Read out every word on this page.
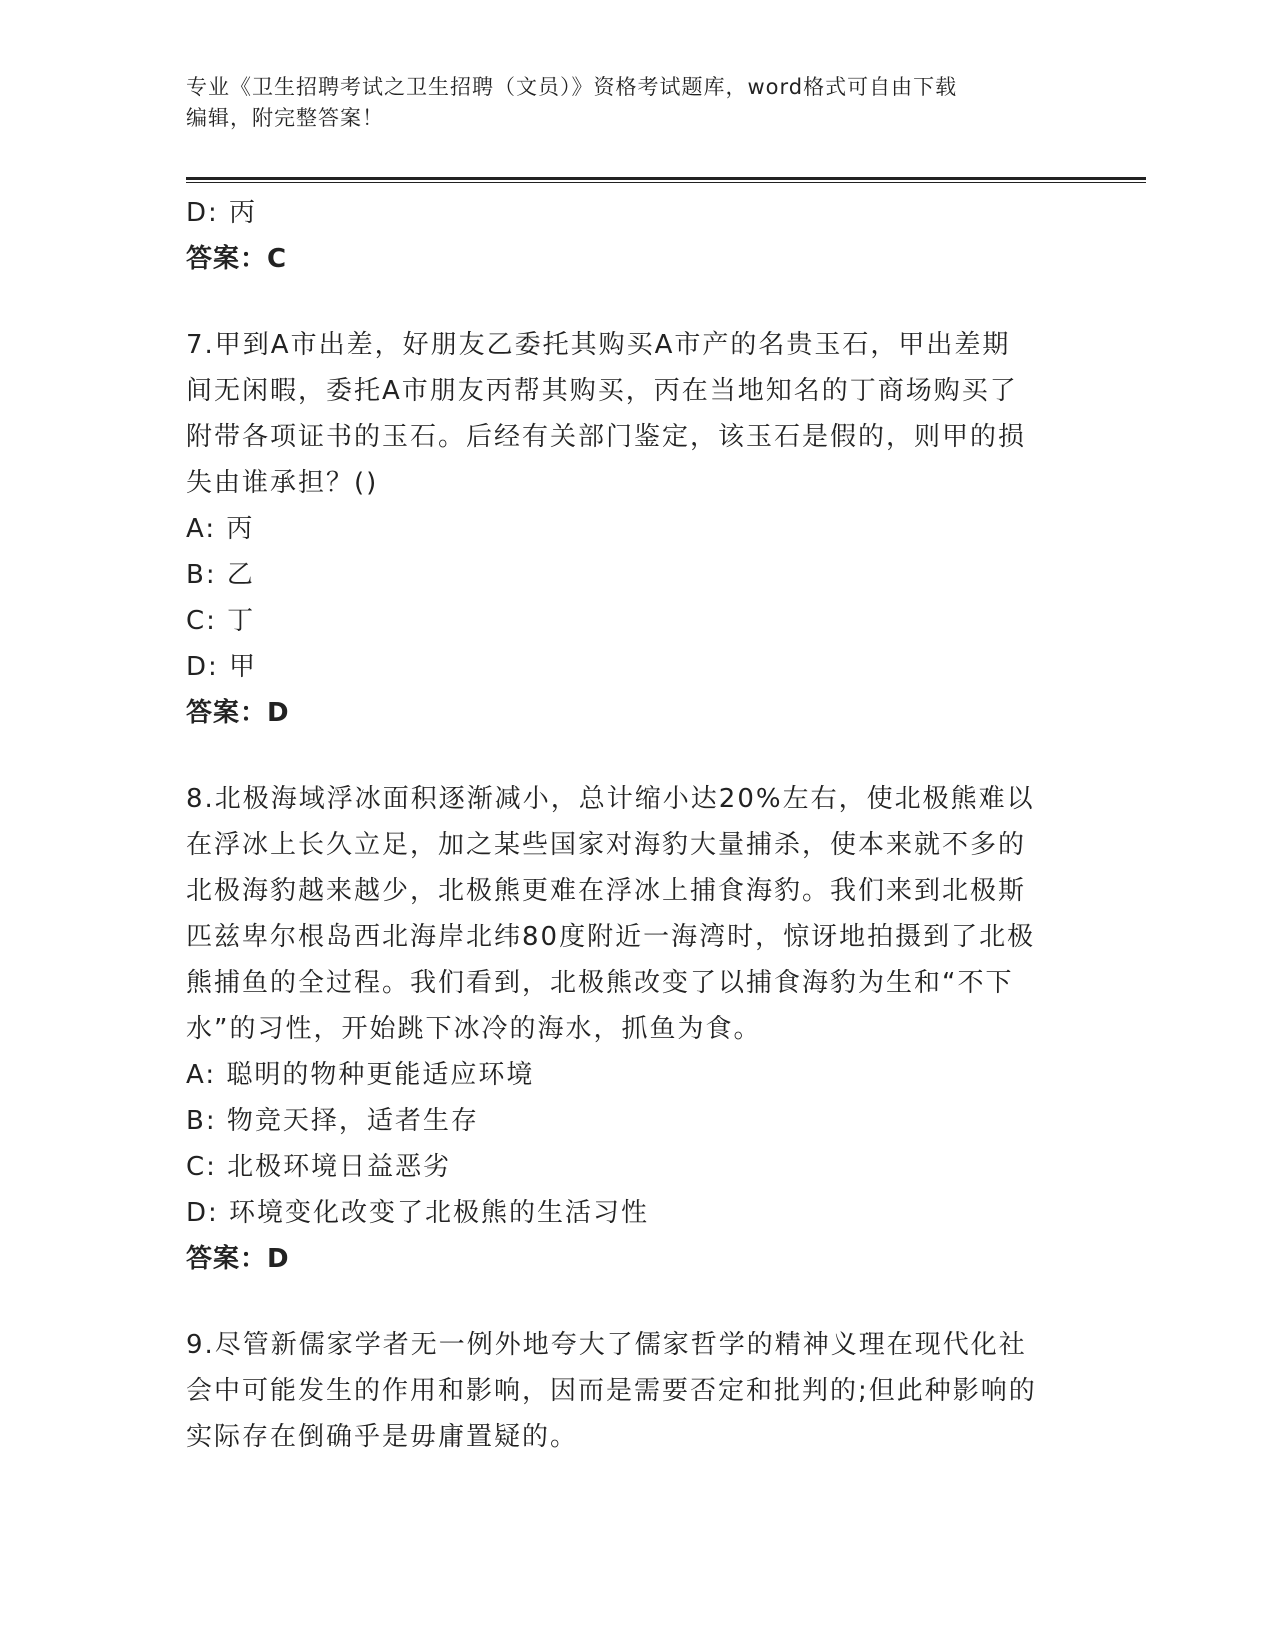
专业《卫生招聘考试之卫生招聘（文员）》资格考试题库，word格式可自由下载
编辑，附完整答案！
D: 丙
答案：C
7.甲到A市出差，好朋友乙委托其购买A市产的名贵玉石，甲出差期间无闲暇，委托A市朋友丙帮其购买，丙在当地知名的丁商场购买了附带各项证书的玉石。后经有关部门鉴定，该玉石是假的，则甲的损失由谁承担？()
A: 丙
B: 乙
C: 丁
D: 甲
答案：D
8.北极海域浮冰面积逐渐减小，总计缩小达20%左右，使北极熊难以在浮冰上长久立足，加之某些国家对海豹大量捕杀，使本来就不多的北极海豹越来越少，北极熊更难在浮冰上捕食海豹。我们来到北极斯匹兹卑尔根岛西北海岸北纬80度附近一海湾时，惊讶地拍摄到了北极熊捕鱼的全过程。我们看到，北极熊改变了以捕食海豹为生和“不下水”的习性，开始跳下冰冷的海水，抓鱼为食。
A: 聪明的物种更能适应环境
B: 物竞天择，适者生存
C: 北极环境日益恶劣
D: 环境变化改变了北极熊的生活习性
答案：D
9.尽管新儒家学者无一例外地夸大了儒家哲学的精神义理在现代化社会中可能发生的作用和影响，因而是需要否定和批判的;但此种影响的实际存在倒确乎是毋庸置疑的。
